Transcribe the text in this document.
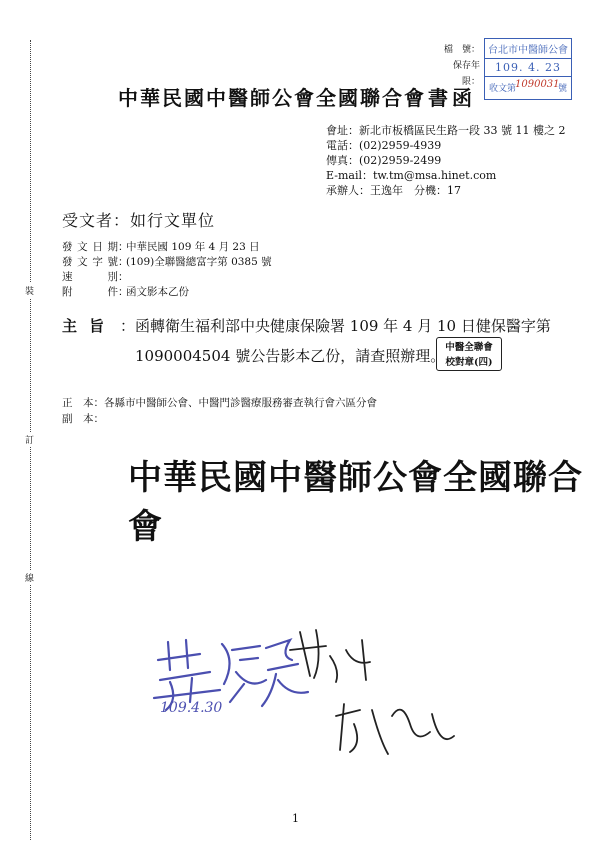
裝
訂
線
檔　號：
保存年限：
台北市中醫師公會
109. 4. 23
收文第
1090031
號
中華民國中醫師公會全國聯合會 書函
會址：新北市板橋區民生路一段 33 號 11 樓之 2
電話：(02)2959-4939
傳真：(02)2959-2499
E-mail：tw.tm@msa.hinet.com
承辦人：王逸年　分機：17
受文者：如行文單位
發文日期 ：
中華民國 109 年 4 月 23 日
發文字號 ：
(109)全聯醫總富字第 0385 號
速別 ：
附件 ：
函文影本乙份
主旨 ：函轉衛生福利部中央健康保險署 109 年 4 月 10 日健保醫字第
1090004504 號公告影本乙份，請查照辦理。 中醫全聯會
校對章(四)
正　本：各縣市中醫師公會、中醫門診醫療服務審查執行會六區分會
副　本：
中華民國中醫師公會全國聯合會
109.4.30
1
